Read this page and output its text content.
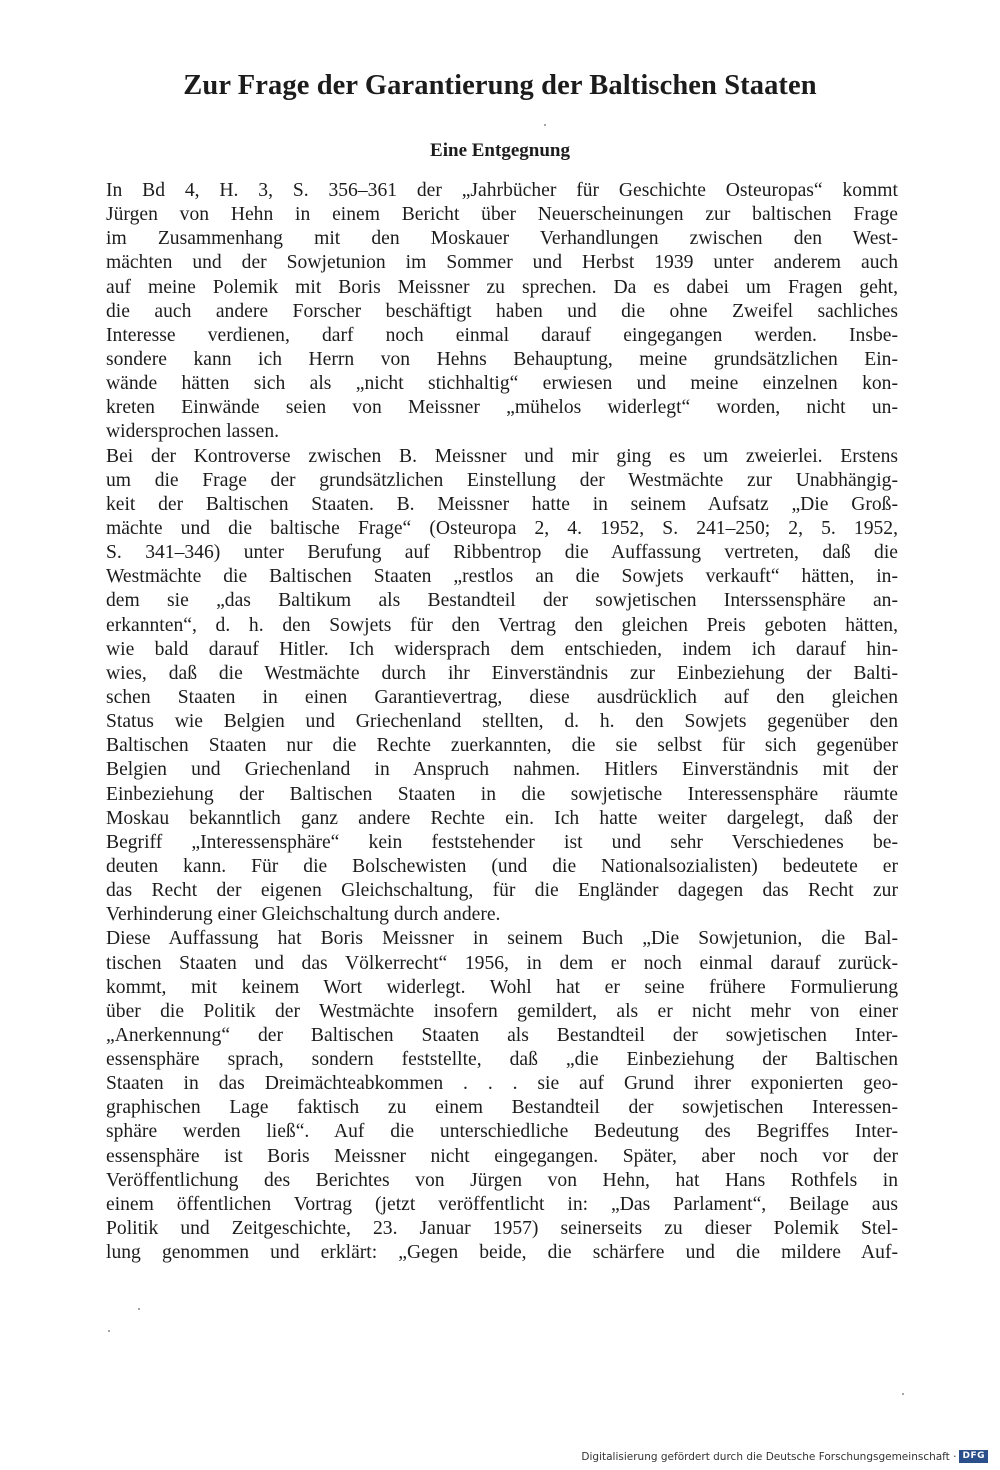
Zur Frage der Garantierung der Baltischen Staaten
Eine Entgegnung

In Bd 4, H. 3, S. 356–361 der „Jahrbücher für Geschichte Osteuropas“ kommt
Jürgen von Hehn in einem Bericht über Neuerscheinungen zur baltischen Frage
im Zusammenhang mit den Moskauer Verhandlungen zwischen den West-
mächten und der Sowjetunion im Sommer und Herbst 1939 unter anderem auch
auf meine Polemik mit Boris Meissner zu sprechen. Da es dabei um Fragen geht,
die auch andere Forscher beschäftigt haben und die ohne Zweifel sachliches
Interesse verdienen, darf noch einmal darauf eingegangen werden. Insbe-
sondere kann ich Herrn von Hehns Behauptung, meine grundsätzlichen Ein-
wände hätten sich als „nicht stichhaltig“ erwiesen und meine einzelnen kon-
kreten Einwände seien von Meissner „mühelos widerlegt“ worden, nicht un-
widersprochen lassen.

Bei der Kontroverse zwischen B. Meissner und mir ging es um zweierlei. Erstens
um die Frage der grundsätzlichen Einstellung der Westmächte zur Unabhängig-
keit der Baltischen Staaten. B. Meissner hatte in seinem Aufsatz „Die Groß-
mächte und die baltische Frage“ (Osteuropa 2, 4. 1952, S. 241–250; 2, 5. 1952,
S. 341–346) unter Berufung auf Ribbentrop die Auffassung vertreten, daß die
Westmächte die Baltischen Staaten „restlos an die Sowjets verkauft“ hätten, in-
dem sie „das Baltikum als Bestandteil der sowjetischen Interssensphäre an-
erkannten“, d. h. den Sowjets für den Vertrag den gleichen Preis geboten hätten,
wie bald darauf Hitler. Ich widersprach dem entschieden, indem ich darauf hin-
wies, daß die Westmächte durch ihr Einverständnis zur Einbeziehung der Balti-
schen Staaten in einen Garantievertrag, diese ausdrücklich auf den gleichen
Status wie Belgien und Griechenland stellten, d. h. den Sowjets gegenüber den
Baltischen Staaten nur die Rechte zuerkannten, die sie selbst für sich gegenüber
Belgien und Griechenland in Anspruch nahmen. Hitlers Einverständnis mit der
Einbeziehung der Baltischen Staaten in die sowjetische Interessensphäre räumte
Moskau bekanntlich ganz andere Rechte ein. Ich hatte weiter dargelegt, daß der
Begriff „Interessensphäre“ kein feststehender ist und sehr Verschiedenes be-
deuten kann. Für die Bolschewisten (und die Nationalsozialisten) bedeutete er
das Recht der eigenen Gleichschaltung, für die Engländer dagegen das Recht zur
Verhinderung einer Gleichschaltung durch andere.

Diese Auffassung hat Boris Meissner in seinem Buch „Die Sowjetunion, die Bal-
tischen Staaten und das Völkerrecht“ 1956, in dem er noch einmal darauf zurück-
kommt, mit keinem Wort widerlegt. Wohl hat er seine frühere Formulierung
über die Politik der Westmächte insofern gemildert, als er nicht mehr von einer
„Anerkennung“ der Baltischen Staaten als Bestandteil der sowjetischen Inter-
essensphäre sprach, sondern feststellte, daß „die Einbeziehung der Baltischen
Staaten in das Dreimächteabkommen . . . sie auf Grund ihrer exponierten geo-
graphischen Lage faktisch zu einem Bestandteil der sowjetischen Interessen-
sphäre werden ließ“. Auf die unterschiedliche Bedeutung des Begriffes Inter-
essensphäre ist Boris Meissner nicht eingegangen. Später, aber noch vor der
Veröffentlichung des Berichtes von Jürgen von Hehn, hat Hans Rothfels in
einem öffentlichen Vortrag (jetzt veröffentlicht in: „Das Parlament“, Beilage aus
Politik und Zeitgeschichte, 23. Januar 1957) seinerseits zu dieser Polemik Stel-
lung genommen und erklärt: „Gegen beide, die schärfere und die mildere Auf-

Digitalisierung gefördert durch die Deutsche Forschungsgemeinschaft · DFG
